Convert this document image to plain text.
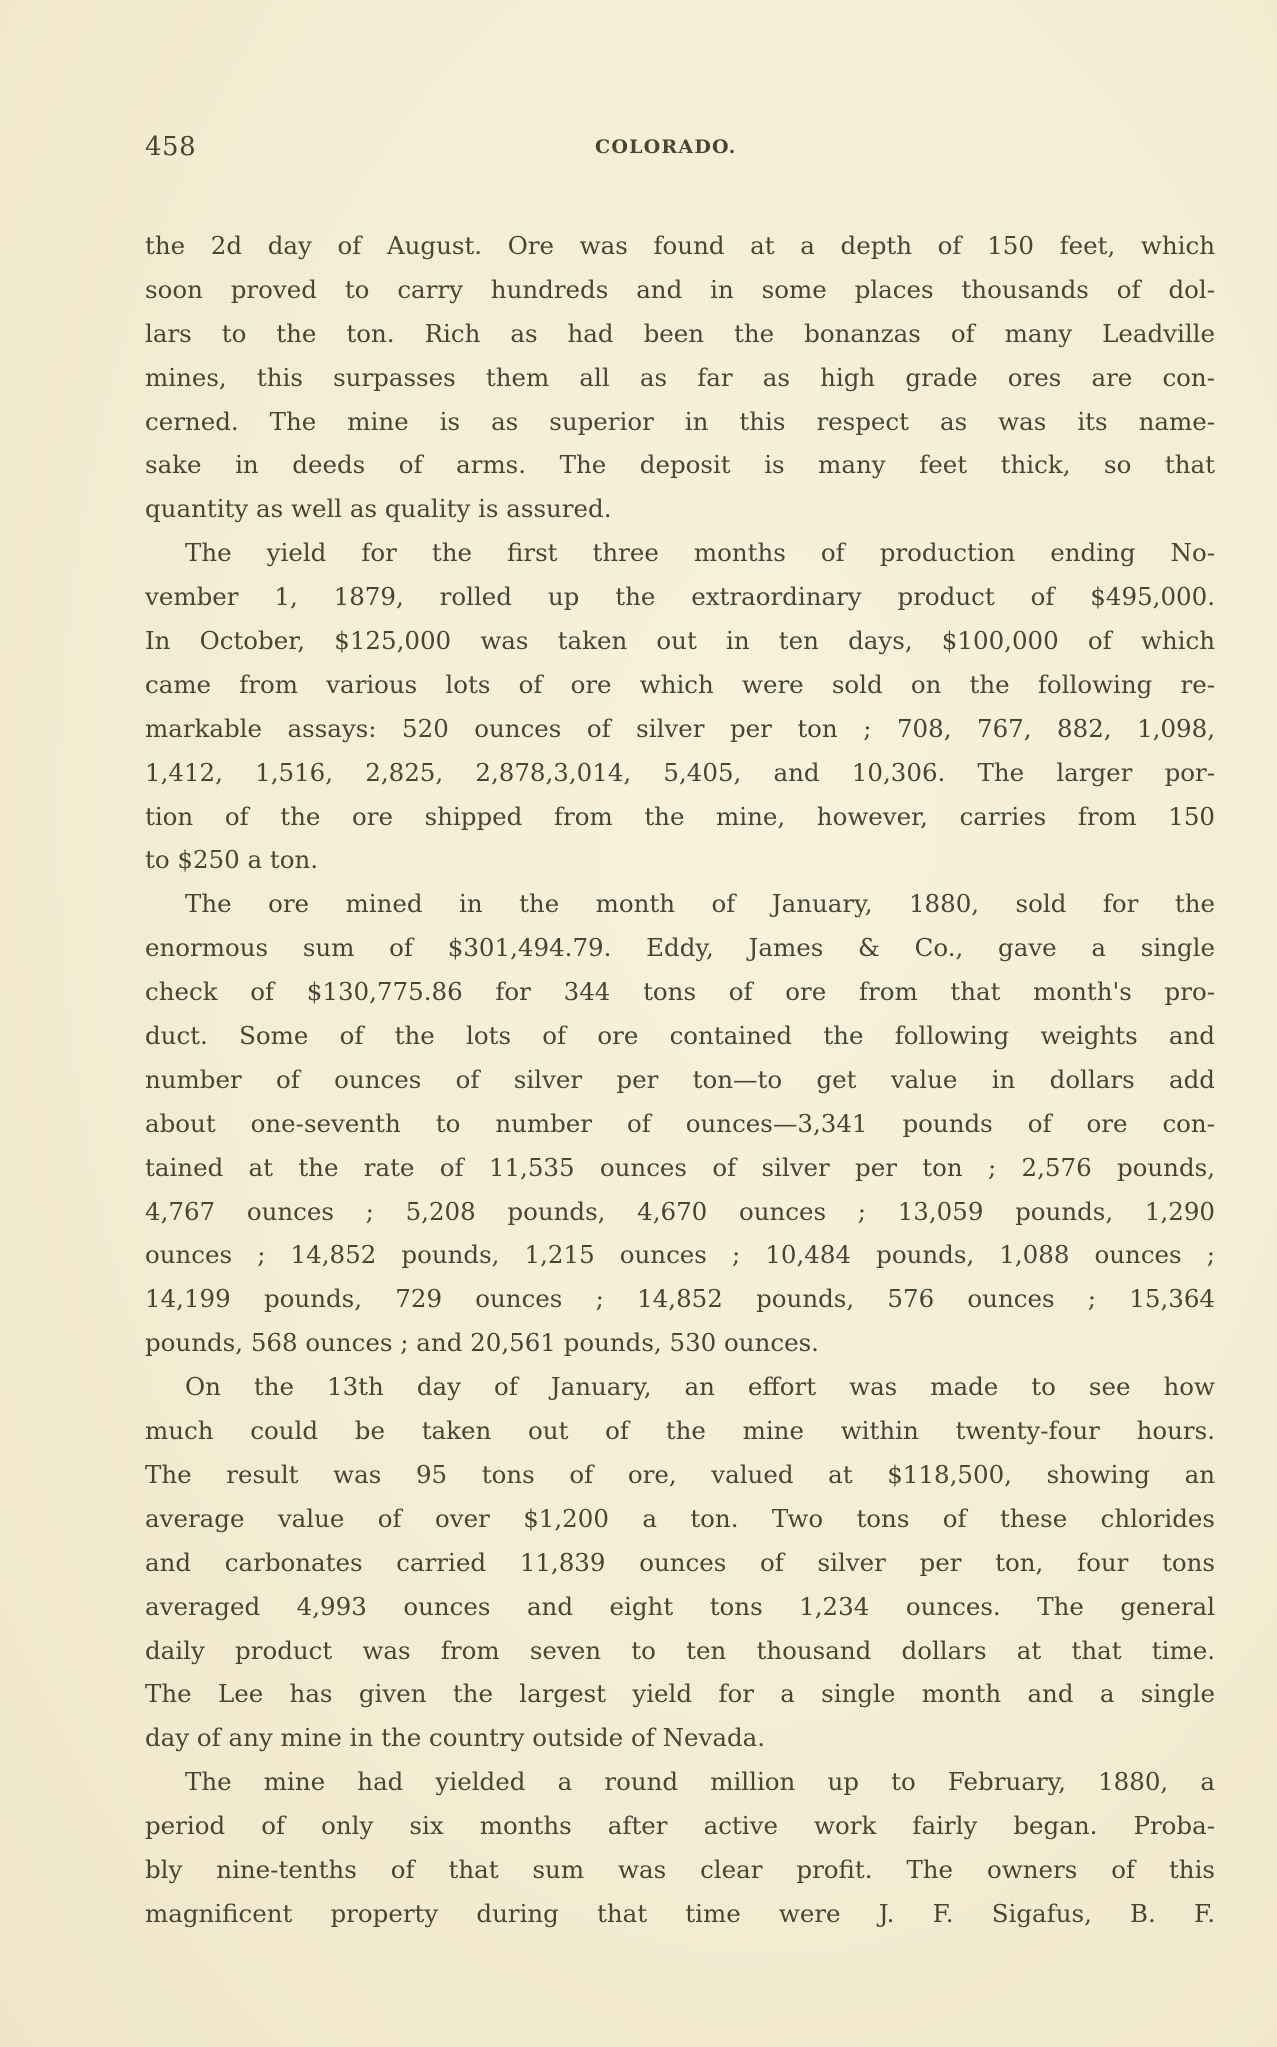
458	COLORADO.
the 2d day of August. Ore was found at a depth of 150 feet, which
soon proved to carry hundreds and in some places thousands of dol-
lars to the ton. Rich as had been the bonanzas of many Leadville
mines, this surpasses them all as far as high grade ores are con-
cerned. The mine is as superior in this respect as was its name-
sake in deeds of arms. The deposit is many feet thick, so that
quantity as well as quality is assured.
The yield for the first three months of production ending No-
vember 1, 1879, rolled up the extraordinary product of $495,000.
In October, $125,000 was taken out in ten days, $100,000 of which
came from various lots of ore which were sold on the following re-
markable assays: 520 ounces of silver per ton ; 708, 767, 882, 1,098,
1,412, 1,516, 2,825, 2,878,3,014, 5,405, and 10,306. The larger por-
tion of the ore shipped from the mine, however, carries from 150
to $250 a ton.
The ore mined in the month of January, 1880, sold for the
enormous sum of $301,494.79. Eddy, James & Co., gave a single
check of $130,775.86 for 344 tons of ore from that month's pro-
duct. Some of the lots of ore contained the following weights and
number of ounces of silver per ton—to get value in dollars add
about one-seventh to number of ounces—3,341 pounds of ore con-
tained at the rate of 11,535 ounces of silver per ton ; 2,576 pounds,
4,767 ounces ; 5,208 pounds, 4,670 ounces ; 13,059 pounds, 1,290
ounces ; 14,852 pounds, 1,215 ounces ; 10,484 pounds, 1,088 ounces ;
14,199 pounds, 729 ounces ; 14,852 pounds, 576 ounces ; 15,364
pounds, 568 ounces ; and 20,561 pounds, 530 ounces.
On the 13th day of January, an effort was made to see how
much could be taken out of the mine within twenty-four hours.
The result was 95 tons of ore, valued at $118,500, showing an
average value of over $1,200 a ton. Two tons of these chlorides
and carbonates carried 11,839 ounces of silver per ton, four tons
averaged 4,993 ounces and eight tons 1,234 ounces. The general
daily product was from seven to ten thousand dollars at that time.
The Lee has given the largest yield for a single month and a single
day of any mine in the country outside of Nevada.
The mine had yielded a round million up to February, 1880, a
period of only six months after active work fairly began. Proba-
bly nine-tenths of that sum was clear profit. The owners of this
magnificent property during that time were J. F. Sigafus, B. F.
